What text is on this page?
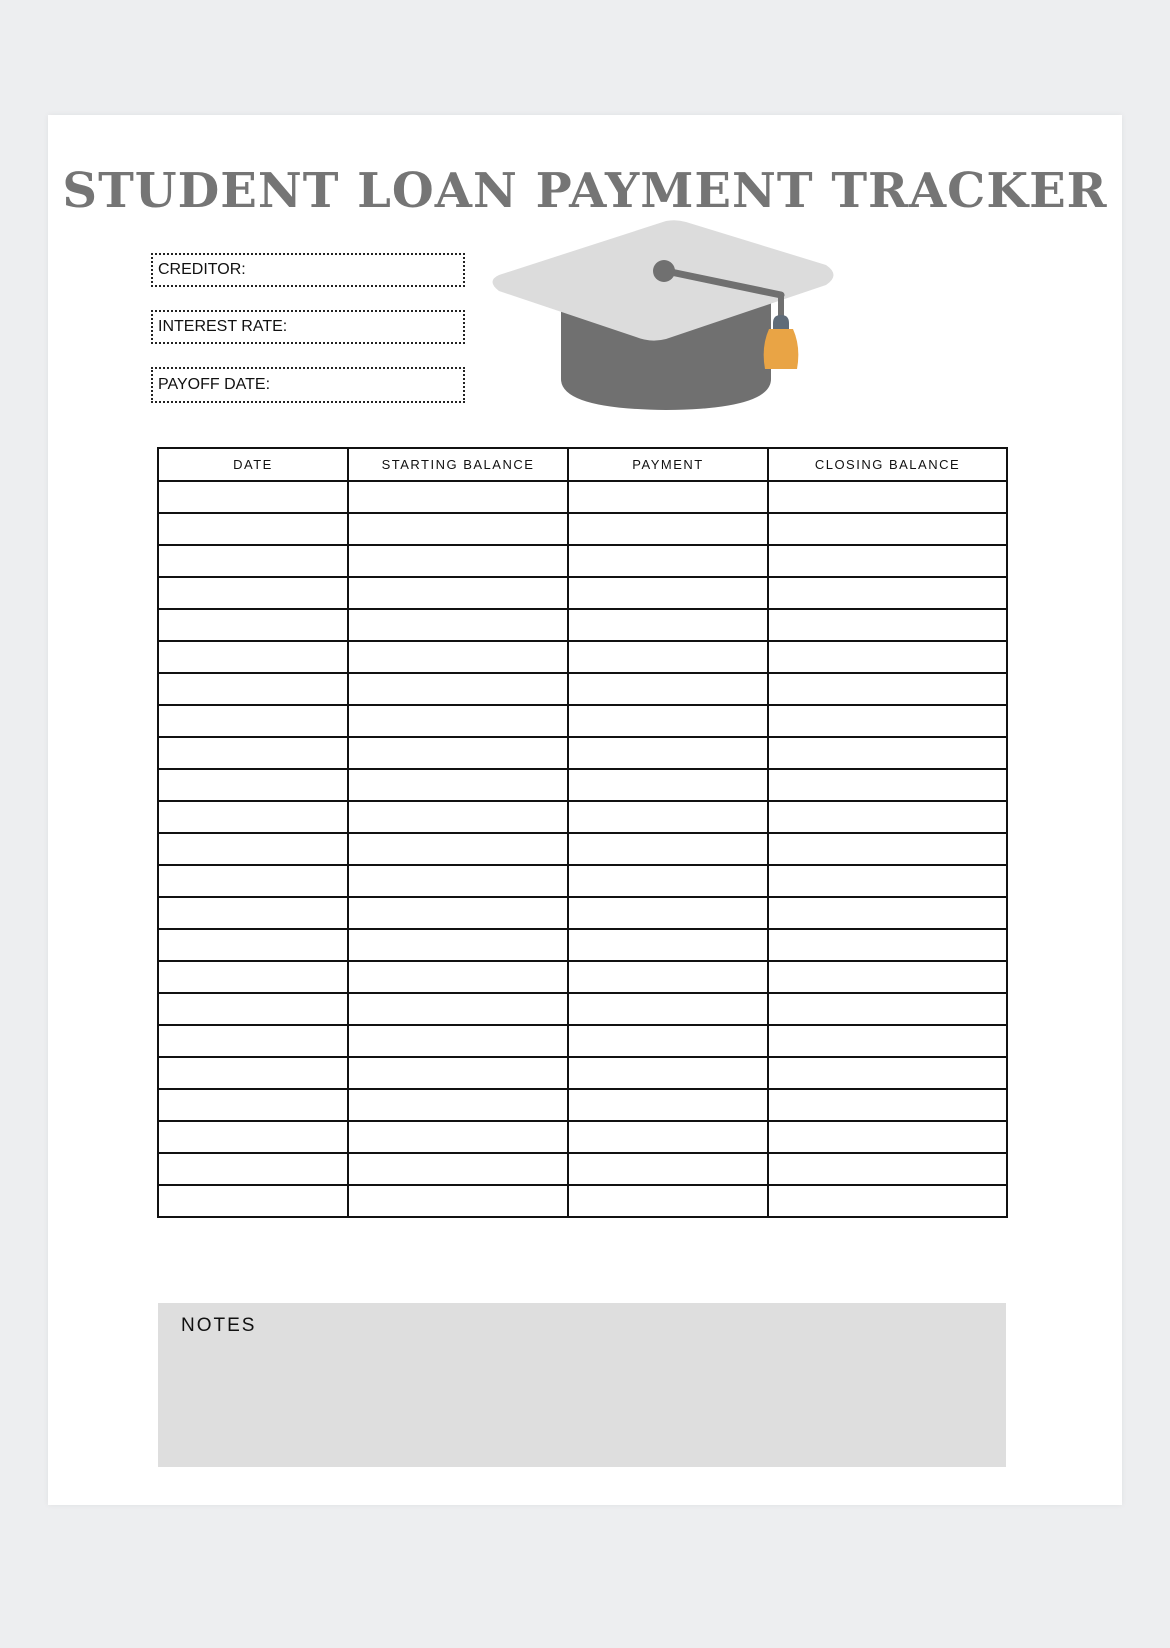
STUDENT LOAN PAYMENT TRACKER
CREDITOR:
INTEREST RATE:
PAYOFF DATE:
DATE	STARTING BALANCE	PAYMENT	CLOSING BALANCE

NOTES
